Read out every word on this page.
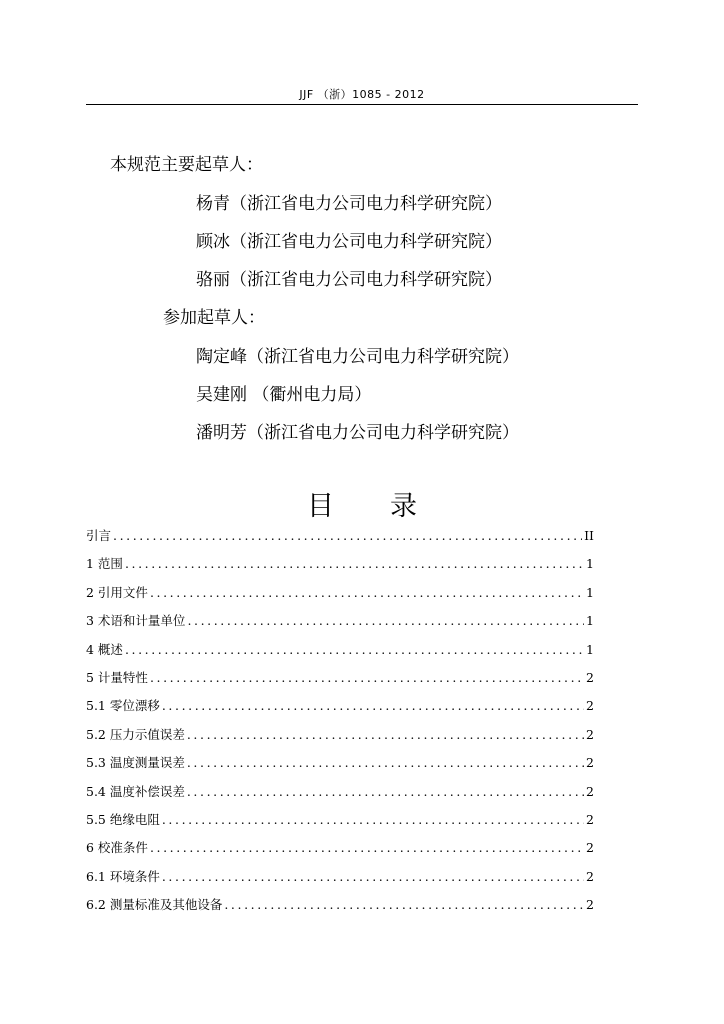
JJF （浙）1085 - 2012
本规范主要起草人：
杨青（浙江省电力公司电力科学研究院）
顾冰（浙江省电力公司电力科学研究院）
骆丽（浙江省电力公司电力科学研究院）
参加起草人：
陶定峰（浙江省电力公司电力科学研究院）
吴建刚 （衢州电力局）
潘明芳（浙江省电力公司电力科学研究院）
目 录
引言 .....	II
1 范围 .....	1
2 引用文件 .....	1
3 术语和计量单位 .....	1
4 概述 .....	1
5 计量特性 .....	2
5.1 零位漂移 .....	2
5.2 压力示值误差 .....	2
5.3 温度测量误差 .....	2
5.4 温度补偿误差 .....	2
5.5 绝缘电阻 .....	2
6 校准条件 .....	2
6.1 环境条件 .....	2
6.2 测量标准及其他设备 .....	2
